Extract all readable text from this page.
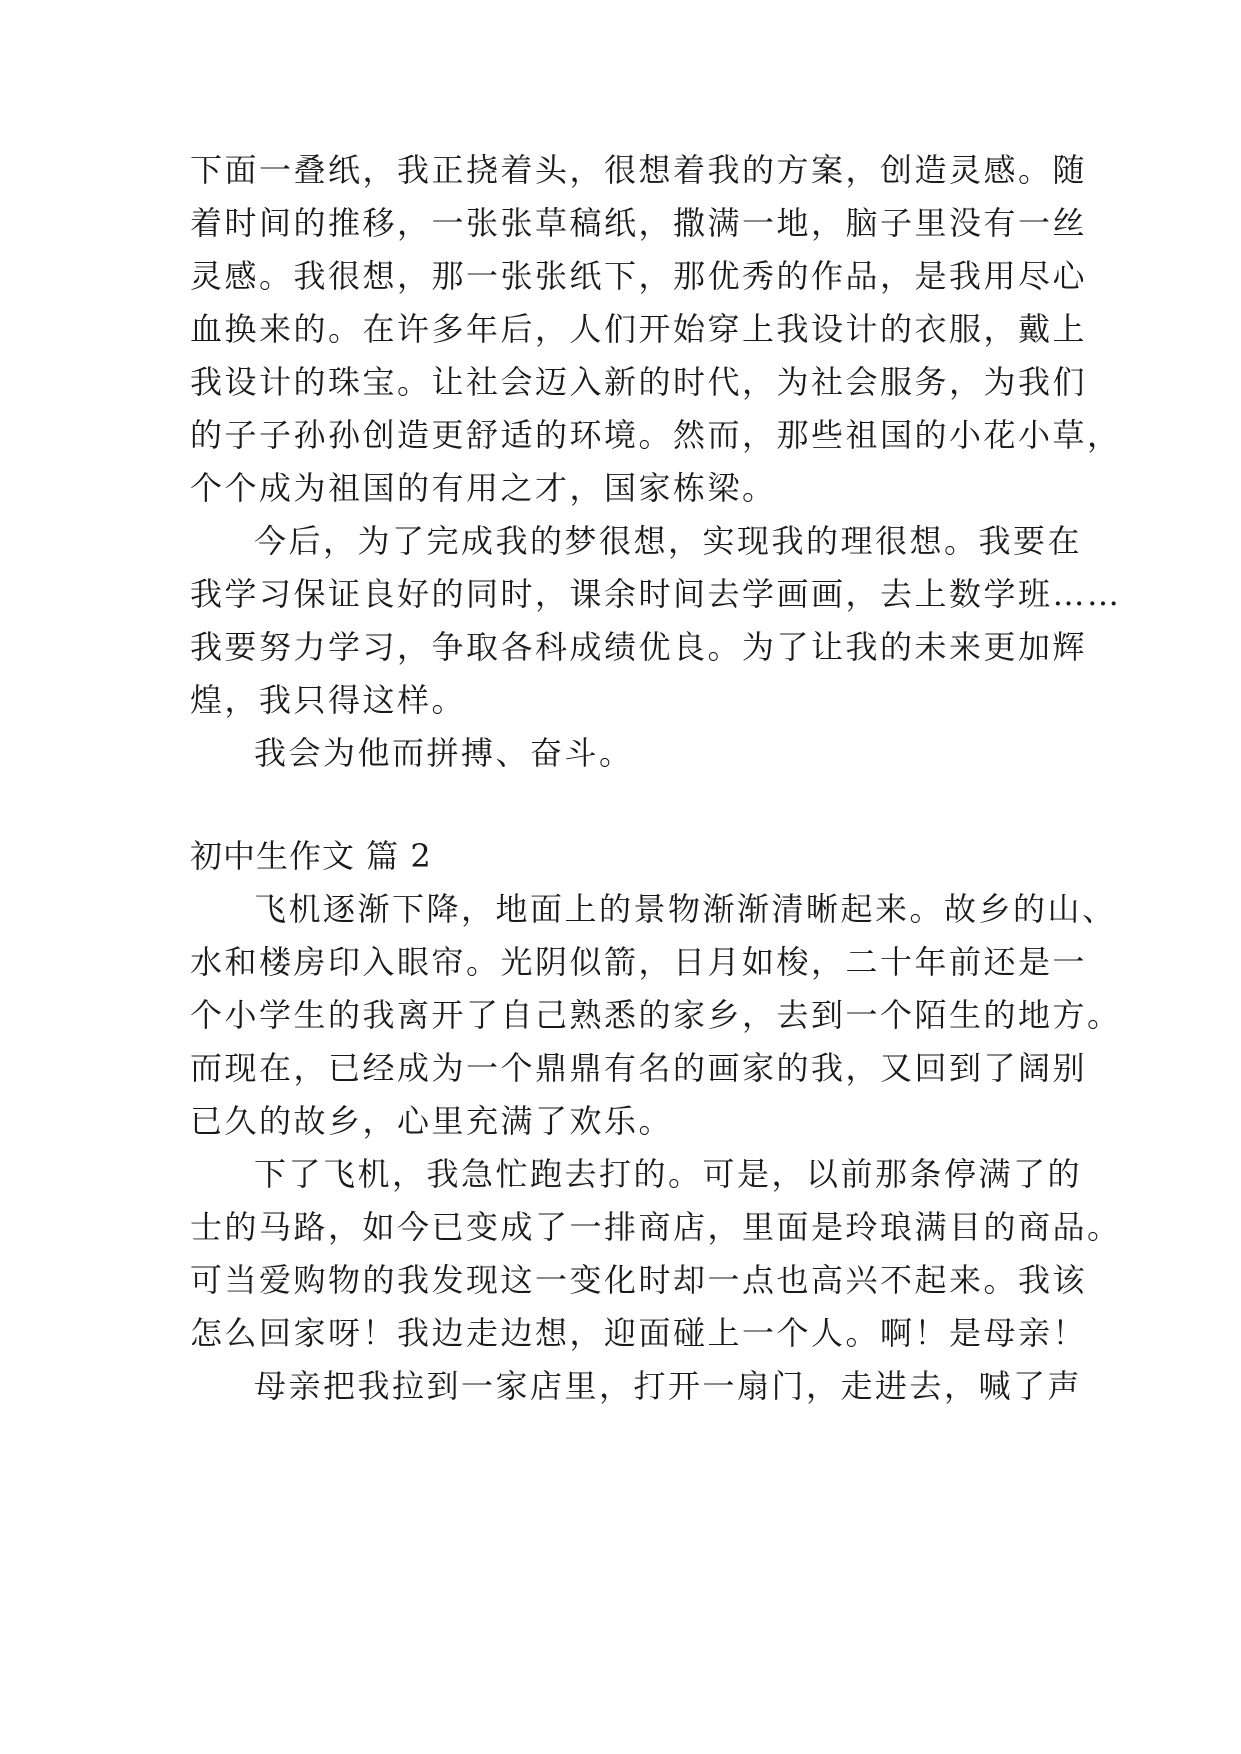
下面一叠纸，我正挠着头，很想着我的方案，创造灵感。随
着时间的推移，一张张草稿纸，撒满一地，脑子里没有一丝
灵感。我很想，那一张张纸下，那优秀的作品，是我用尽心
血换来的。在许多年后，人们开始穿上我设计的衣服，戴上
我设计的珠宝。让社会迈入新的时代，为社会服务，为我们
的子子孙孙创造更舒适的环境。然而，那些祖国的小花小草，
个个成为祖国的有用之才，国家栋梁。
今后，为了完成我的梦很想，实现我的理很想。我要在
我学习保证良好的同时，课余时间去学画画，去上数学班……
我要努力学习，争取各科成绩优良。为了让我的未来更加辉
煌，我只得这样。
我会为他而拼搏、奋斗。
初中生作文 篇 2
飞机逐渐下降，地面上的景物渐渐清晰起来。故乡的山、
水和楼房印入眼帘。光阴似箭，日月如梭，二十年前还是一
个小学生的我离开了自己熟悉的家乡，去到一个陌生的地方。
而现在，已经成为一个鼎鼎有名的画家的我，又回到了阔别
已久的故乡，心里充满了欢乐。
下了飞机，我急忙跑去打的。可是，以前那条停满了的
士的马路，如今已变成了一排商店，里面是玲琅满目的商品。
可当爱购物的我发现这一变化时却一点也高兴不起来。我该
怎么回家呀！我边走边想，迎面碰上一个人。啊！是母亲！
母亲把我拉到一家店里，打开一扇门，走进去，喊了声
